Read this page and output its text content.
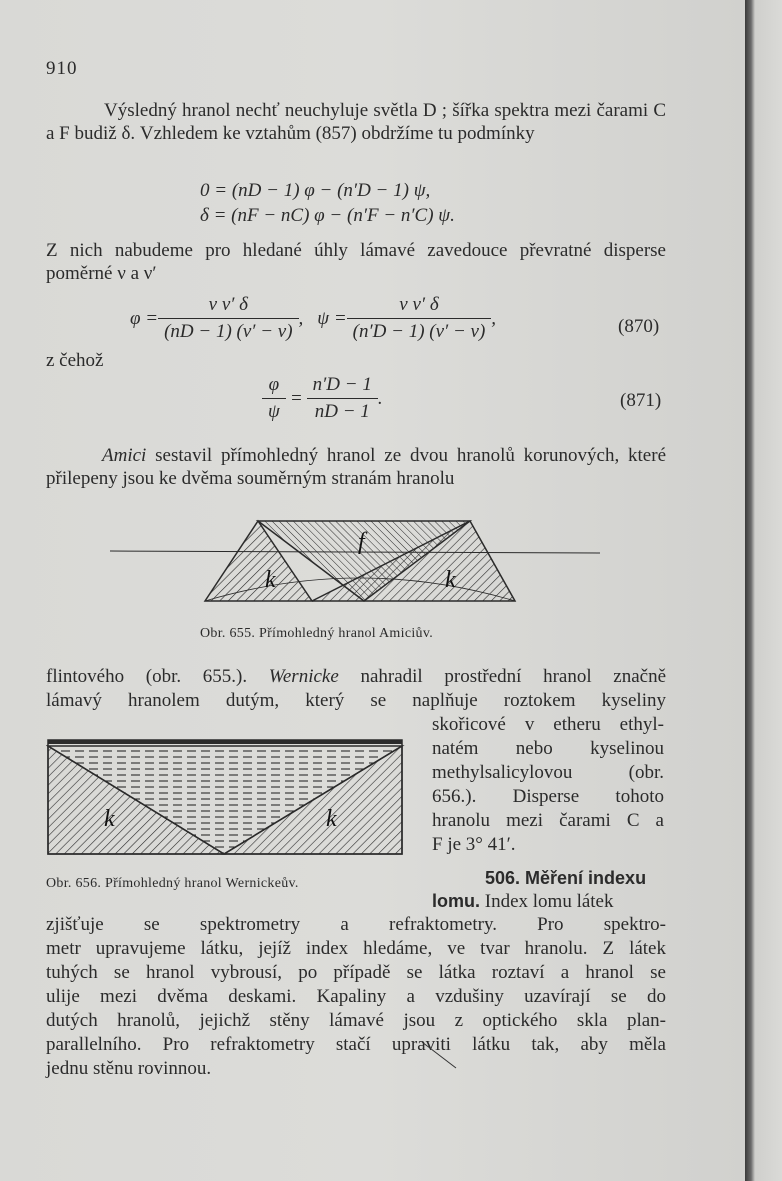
910
Výsledný hranol nechť neuchyluje světla D ; šířka spektra mezi čarami C a F budiž δ. Vzhledem ke vztahům (857) obdržíme tu podmínky
0 = (nD − 1) φ − (n′D − 1) ψ,
δ = (nF − nC) φ − (n′F − n′C) ψ.
Z nich nabudeme pro hledané úhly lámavé zavedouce převratné disperse poměrné ν a ν′
$\varphi = \frac{\text{ν ν′ δ}}{(nD - 1) (\nu' - \nu)}$ , $\psi = \frac{\text{ν ν′ δ}}{(n'D - 1) (\nu' - \nu)}$ ,	(870)
z čehož
$\frac{\varphi}{\psi} = \frac{n'D - 1}{nD - 1}$ .	(871)
Amici sestavil přímohledný hranol ze dvou hranolů korunových, které přilepeny jsou ke dvěma souměrným stranám hranolu
f
k	k
Obr. 655. Přímohledný hranol Amiciův.
flintového (obr. 655.). Wernicke nahradil prostřední hranol značně
lámavý hranolem dutým, který se naplňuje roztokem kyseliny
skořicové v etheru ethyl-
natém nebo kyselinou
methylsalicylovou (obr.
656.). Disperse tohoto
hranolu mezi čarami C a
F je 3° 41′.
k	k
Obr. 656. Přímohledný hranol Wernickeův.	506. Měření indexu
lomu. Index lomu látek
zjišťuje se spektrometry a refraktometry. Pro spektro-
metr upravujeme látku, jejíž index hledáme, ve tvar hranolu. Z látek
tuhých se hranol vybrousí, po případě se látka roztaví a hranol se
ulije mezi dvěma deskami. Kapaliny a vzdušiny uzavírají se do
dutých hranolů, jejichž stěny lámavé jsou z optického skla plan-
parallelního. Pro refraktometry stačí upraviti látku tak, aby měla
jednu stěnu rovinnou.
